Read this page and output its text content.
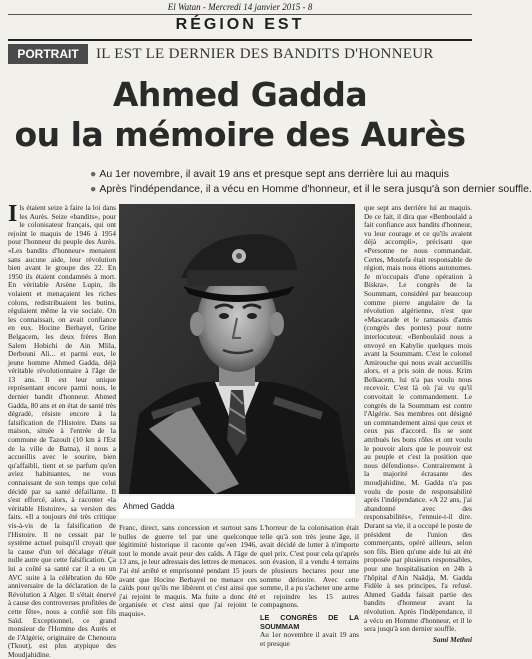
El Watan - Mercredi 14 janvier 2015 - 8
RÉGION EST
PORTRAIT	IL EST LE DERNIER DES BANDITS D'HONNEUR
Ahmed Gadda
ou la mémoire des Aurès
● Au 1er novembre, il avait 19 ans et presque sept ans derrière lui au maquis
● Après l'indépendance, il a vécu en Homme d'honneur, et il le sera jusqu'à son dernier souffle.

Ils étaient seize à faire la loi dans les Aurès. Seize «bandits», pour le colonisateur français, qui ont rejoint le maquis de 1946 à 1954 pour l'honneur du peuple des Aurès. «Les bandits d'honneur» menaient sans aucune aide, leur révolution bien avant le groupe des 22. En 1950 ils étaient condamnés à mort. En véritable Arsène Lupin, ils volaient et menaçaient les riches colons, redistribuaient les butins, régulaient même la vie sociale. On les connaissait, on avait confiance en eux. Hocine Berhayel, Grine Belgacem, les deux frères Bon Salem Hobichi de Ain Mlila, Derbouni Ali... et parmi eux, le jeune homme Ahmed Gadda, déjà véritable révolutionnaire à l'âge de 13 ans. Il est leur unique représentant encore parmi nous, le dernier bandit d'honneur. Ahmed Gadda, 80 ans et en état de santé très dégradé, résiste encore à la falsification de l'Histoire. Dans sa maison, située à l'entrée de la commune de Tazoult (10 km à l'Est de la ville de Batna), il nous a accueillis avec le sourire, bien qu'affaibli, tient et se parfum qu'en aviez habituantes, ne vous connaissant de son temps que celui décidé par sa santé défaillante. Il s'est efforcé, alors, à raconter «la véritable Histoire», sa version des faits. «Il a toujours été très critique vis-à-vis de la falsification de l'Histoire. Il ne cessait par le système actuel puisqu'il croyait que la cause d'un tel décalage n'était nulle autre que cette falsification. Ça lui a coûté sa santé car il a eu un AVC suite à la célébration du 60e anniversaire de la déclaration de la Révolution à Alger. Il s'était énervé à cause des controverses profitées de cette fête», nous a confié son fils Saïd. Exceptionnel, ce grand monsieur de l'Homme des Aurès et de l'Algérie, originaire de Chenoura (Tkout), est plus atypique des Moudjahidine.

Ahmed Gadda

Franc, direct, sans concession et surtout sans bulles de guerre tel par une quelconque légitimité historique il raconte qu'«en 1946, tout le monde avait peur des caïds. A l'âge de 13 ans, je leur adressais des lettres de menaces. J'ai été arrêté et emprisonné pendant 15 jours avant que Hocine Berhayel ne menace ces caïds pour qu'ils me libèrent et c'est ainsi que j'ai rejoint le maquis. Ma fuite a donc été organisée et c'est ainsi que j'ai rejoint le maquis».

L'horreur de la colonisation était telle qu'à son très jeune âge, il avait décidé de lutter à n'importe quel prix. C'est pour cela qu'après son évasion, il a vendu 4 terrains de plusieurs hectares pour une somme dérisoire. Avec cette somme, il a pu s'acheter une arme et rejoindre les 15 autres compagnons.

LE CONGRÈS DE LA SOUMMAM

Au 1er novembre il avait 19 ans et presque

que sept ans derrière lui au maquis. De ce fait, il dira que «Benboulaïd a fait confiance aux bandits d'honneur, vu leur courage et ce qu'ils avaient déjà accompli», précisant que «Personne ne nous commandait. Certes, Mostefa était responsable de région, mais nous étions autonomes. Je m'occupais d'une opération à Biskra». Le congrès de la Soummam, considéré par beaucoup comme pierre angulaire de la révolution algérienne, n'est que «Mascarade et le ramassis d'amis (congrès des pontes) pour notre interlocuteur. «Benboulaïd nous a envoyé en Kabylie quelques mois avant la Soummam. C'est le colonel Amirouche qui nous avait accueillis alors, et a pris soin de nous. Krim Belkacem, lui n'a pas voulu nous recevoir. C'est là où j'ai vu qu'il convoitait le commandement. Le congrès de la Soummam est contre l'Algérie. Ses membres ont désigné un commandement ainsi que ceux et ceux pas d'accord. Ils se sont attribués les bons rôles et ont voulu le pouvoir alors que le pouvoir est au peuple et c'est la position que nous défendions». Contrairement à la majorité écrasante des moudjahidine, M. Gadda n'a pas voulu de poste de responsabilité après l'indépendance. «A 22 ans, j'ai abandonné avec des responsabilités», l'ennuie-t-il dire. Durant sa vie, il a occupé le poste de président de l'union des commerçants, opéré ailleurs, selon son fils. Bien qu'une aide lui ait été proposée par plusieurs responsables, pour une hospitalisation en 24h à l'hôpital d'Ain Naâdja, M. Gadda Fidèle à ses principes, l'a refusé. Ahmed Gadda faisait partie des bandits d'honneur avant la révolution. Après l'indépendance, il a vécu en Homme d'honneur, et il le sera jusqu'à son dernier souffle.

Sami Methni
